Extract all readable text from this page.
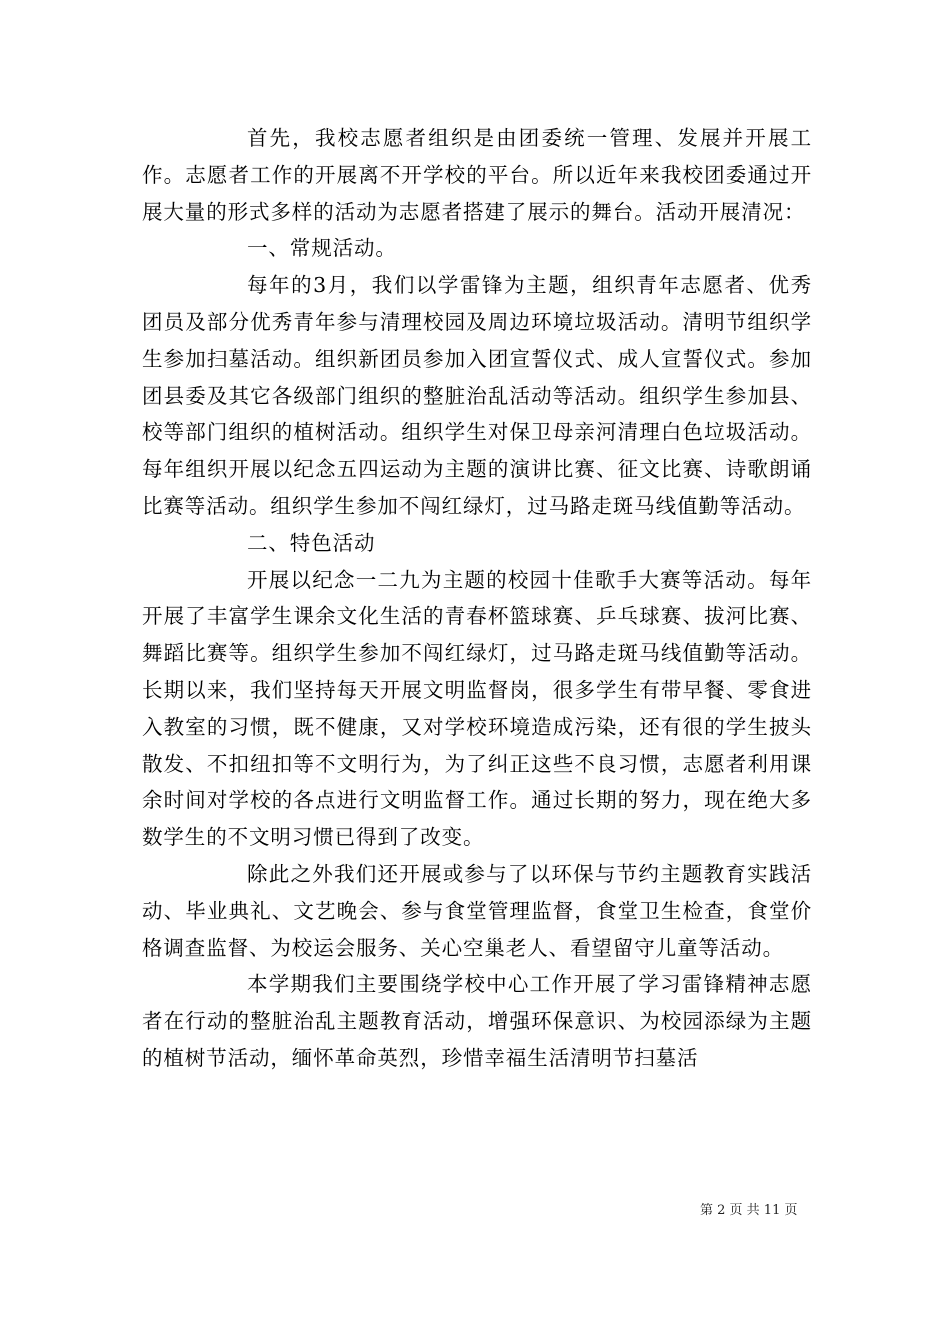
首先，我校志愿者组织是由团委统一管理、发展并开展工作。志愿者工作的开展离不开学校的平台。所以近年来我校团委通过开展大量的形式多样的活动为志愿者搭建了展示的舞台。活动开展清况：

一、常规活动。

每年的3月，我们以学雷锋为主题，组织青年志愿者、优秀团员及部分优秀青年参与清理校园及周边环境垃圾活动。清明节组织学生参加扫墓活动。组织新团员参加入团宣誓仪式、成人宣誓仪式。参加团县委及其它各级部门组织的整脏治乱活动等活动。组织学生参加县、校等部门组织的植树活动。组织学生对保卫母亲河清理白色垃圾活动。每年组织开展以纪念五四运动为主题的演讲比赛、征文比赛、诗歌朗诵比赛等活动。组织学生参加不闯红绿灯，过马路走斑马线值勤等活动。

二、特色活动

开展以纪念一二九为主题的校园十佳歌手大赛等活动。每年开展了丰富学生课余文化生活的青春杯篮球赛、乒乓球赛、拔河比赛、舞蹈比赛等。组织学生参加不闯红绿灯，过马路走斑马线值勤等活动。长期以来，我们坚持每天开展文明监督岗，很多学生有带早餐、零食进入教室的习惯，既不健康，又对学校环境造成污染，还有很的学生披头散发、不扣纽扣等不文明行为，为了纠正这些不良习惯，志愿者利用课余时间对学校的各点进行文明监督工作。通过长期的努力，现在绝大多数学生的不文明习惯已得到了改变。

除此之外我们还开展或参与了以环保与节约主题教育实践活动、毕业典礼、文艺晚会、参与食堂管理监督，食堂卫生检查，食堂价格调查监督、为校运会服务、关心空巢老人、看望留守儿童等活动。

本学期我们主要围绕学校中心工作开展了学习雷锋精神志愿者在行动的整脏治乱主题教育活动，增强环保意识、为校园添绿为主题的植树节活动，缅怀革命英烈，珍惜幸福生活清明节扫墓活

第 2 页 共 11 页
